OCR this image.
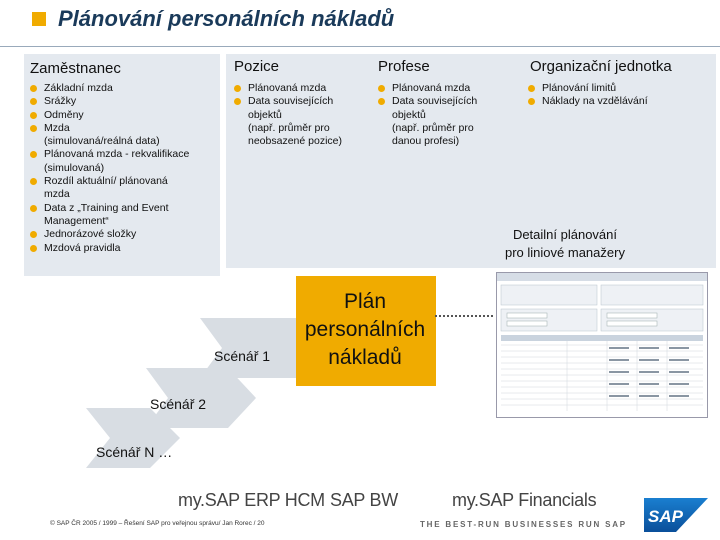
Plánování personálních nákladů
Zaměstnanec	Pozice	Profese	Organizační jednotka
Základní mzda
Srážky
Odměny
Mzda
(simulovaná/reálná data)
Plánovaná mzda - rekvalifikace
(simulovaná)
Rozdíl aktuální/ plánovaná
mzda
Data z „Training and Event
Management“
Jednorázové složky
Mzdová pravidla
Plánovaná mzda
Data souvisejících
objektů
(např. průměr pro
neobsazené pozice)
Plánovaná mzda
Data souvisejících
objektů
(např. průměr pro
danou profesi)
Plánování limitů
Náklady na vzdělávání
Detailní plánování
pro liniové manažery
Plán
personálních
nákladů
Scénář 1
Scénář 2
Scénář N …
my.SAP ERP HCM SAP BW	my.SAP Financials
© SAP ČR 2005 / 1999 – Řešení SAP pro veřejnou správu/ Jan Rorec / 20	THE BEST-RUN BUSINESSES RUN SAP SAP
